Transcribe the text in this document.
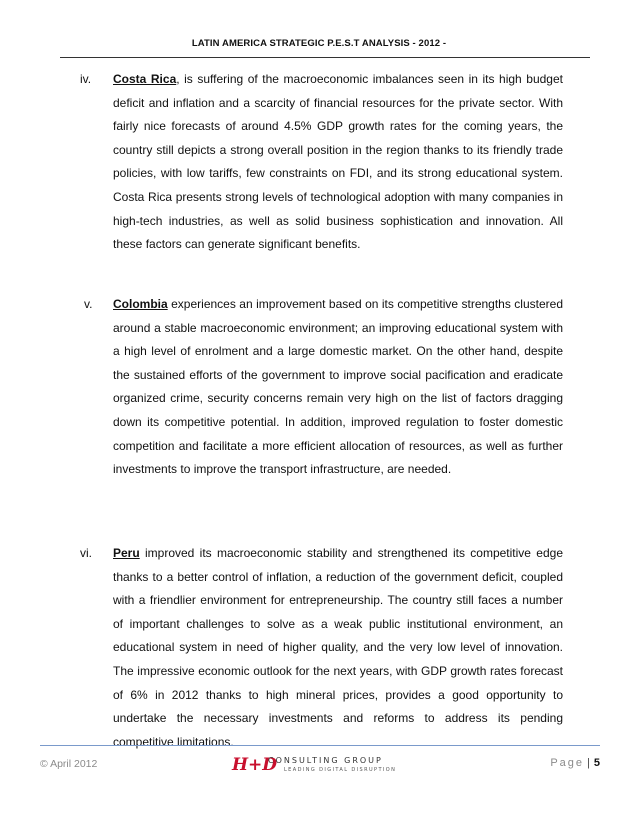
LATIN AMERICA STRATEGIC P.E.S.T ANALYSIS - 2012 -
iv. Costa Rica, is suffering of the macroeconomic imbalances seen in its high budget deficit and inflation and a scarcity of financial resources for the private sector. With fairly nice forecasts of around 4.5% GDP growth rates for the coming years, the country still depicts a strong overall position in the region thanks to its friendly trade policies, with low tariffs, few constraints on FDI, and its strong educational system. Costa Rica presents strong levels of technological adoption with many companies in high-tech industries, as well as solid business sophistication and innovation. All these factors can generate significant benefits.

v. Colombia experiences an improvement based on its competitive strengths clustered around a stable macroeconomic environment; an improving educational system with a high level of enrolment and a large domestic market. On the other hand, despite the sustained efforts of the government to improve social pacification and eradicate organized crime, security concerns remain very high on the list of factors dragging down its competitive potential. In addition, improved regulation to foster domestic competition and facilitate a more efficient allocation of resources, as well as further investments to improve the transport infrastructure, are needed.

vi. Peru improved its macroeconomic stability and strengthened its competitive edge thanks to a better control of inflation, a reduction of the government deficit, coupled with a friendlier environment for entrepreneurship. The country still faces a number of important challenges to solve as a weak public institutional environment, an educational system in need of higher quality, and the very low level of innovation. The impressive economic outlook for the next years, with GDP growth rates forecast of 6% in 2012 thanks to high mineral prices, provides a good opportunity to undertake the necessary investments and reforms to address its pending competitive limitations.

© April 2012	H+D
CONSULTING GROUP
LEADING DIGITAL DISRUPTION
Page | 5
